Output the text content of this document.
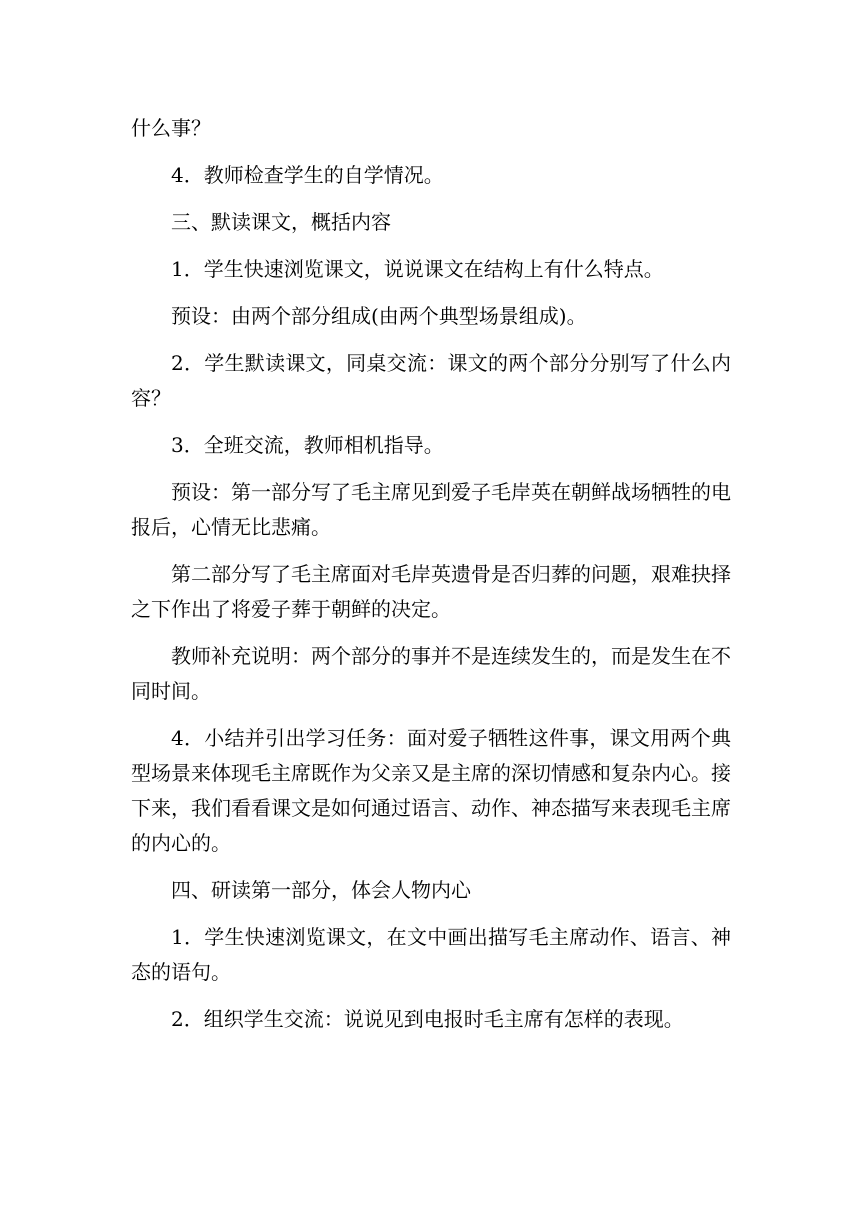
什么事？

4．教师检查学生的自学情况。

三、默读课文，概括内容

1．学生快速浏览课文，说说课文在结构上有什么特点。

预设：由两个部分组成(由两个典型场景组成)。

2．学生默读课文，同桌交流：课文的两个部分分别写了什么内容？

3．全班交流，教师相机指导。

预设：第一部分写了毛主席见到爱子毛岸英在朝鲜战场牺牲的电报后，心情无比悲痛。

第二部分写了毛主席面对毛岸英遗骨是否归葬的问题，艰难抉择之下作出了将爱子葬于朝鲜的决定。

教师补充说明：两个部分的事并不是连续发生的，而是发生在不同时间。

4．小结并引出学习任务：面对爱子牺牲这件事，课文用两个典型场景来体现毛主席既作为父亲又是主席的深切情感和复杂内心。接下来，我们看看课文是如何通过语言、动作、神态描写来表现毛主席的内心的。

四、研读第一部分，体会人物内心

1．学生快速浏览课文，在文中画出描写毛主席动作、语言、神态的语句。

2．组织学生交流：说说见到电报时毛主席有怎样的表现。
